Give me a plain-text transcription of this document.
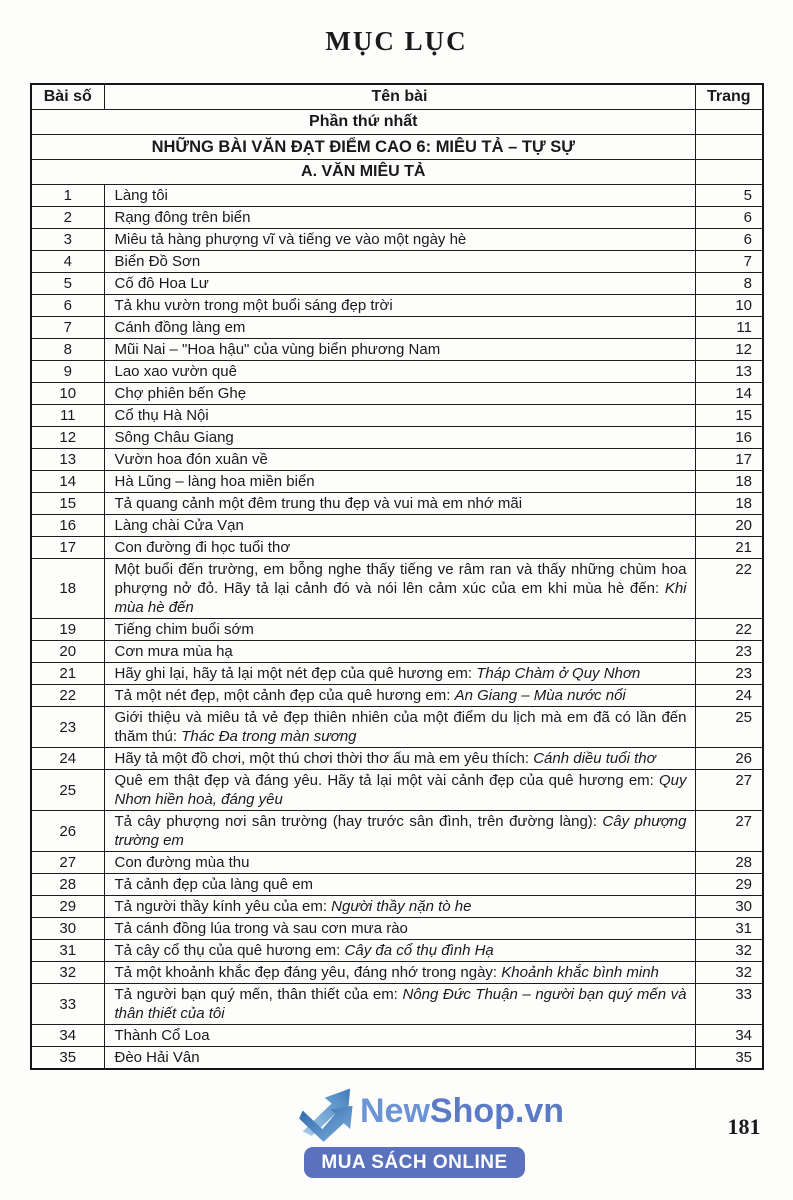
MỤC LỤC
Bài số	Tên bài	Trang
Phần thứ nhất		
NHỮNG BÀI VĂN ĐẠT ĐIỂM CAO 6: MIÊU TẢ – TỰ SỰ		
A. VĂN MIÊU TẢ		
1	Làng tôi	5
2	Rạng đông trên biển	6
3	Miêu tả hàng phượng vĩ và tiếng ve vào một ngày hè	6
4	Biển Đồ Sơn	7
5	Cố đô Hoa Lư	8
6	Tả khu vườn trong một buổi sáng đẹp trời	10
7	Cánh đồng làng em	11
8	Mũi Nai – "Hoa hậu" của vùng biển phương Nam	12
9	Lao xao vườn quê	13
10	Chợ phiên bến Ghẹ	14
11	Cổ thụ Hà Nội	15
12	Sông Châu Giang	16
13	Vườn hoa đón xuân về	17
14	Hà Lũng – làng hoa miền biển	18
15	Tả quang cảnh một đêm trung thu đẹp và vui mà em nhớ mãi	18
16	Làng chài Cửa Vạn	20
17	Con đường đi học tuổi thơ	21
18	Một buổi đến trường, em bỗng nghe thấy tiếng ve râm ran và thấy những chùm hoa phượng nở đỏ. Hãy tả lại cảnh đó và nói lên cảm xúc của em khi mùa hè đến: Khi mùa hè đến	22
19	Tiếng chim buổi sớm	22
20	Cơn mưa mùa hạ	23
21	Hãy ghi lại, hãy tả lại một nét đẹp của quê hương em: Tháp Chàm ở Quy Nhơn	23
22	Tả một nét đẹp, một cảnh đẹp của quê hương em: An Giang – Mùa nước nổi	24
23	Giới thiệu và miêu tả vẻ đẹp thiên nhiên của một điểm du lịch mà em đã có lần đến thăm thú: Thác Đa trong màn sương	25
24	Hãy tả một đồ chơi, một thú chơi thời thơ ấu mà em yêu thích: Cánh diều tuổi thơ	26
25	Quê em thật đẹp và đáng yêu. Hãy tả lại một vài cảnh đẹp của quê hương em: Quy Nhơn hiền hoà, đáng yêu	27
26	Tả cây phượng nơi sân trường (hay trước sân đình, trên đường làng): Cây phượng trường em	27
27	Con đường mùa thu	28
28	Tả cảnh đẹp của làng quê em	29
29	Tả người thầy kính yêu của em: Người thầy nặn tò he	30
30	Tả cánh đồng lúa trong và sau cơn mưa rào	31
31	Tả cây cổ thụ của quê hương em: Cây đa cổ thụ đình Hạ	32
32	Tả một khoảnh khắc đẹp đáng yêu, đáng nhớ trong ngày: Khoảnh khắc bình minh	32
33	Tả người bạn quý mến, thân thiết của em: Nông Đức Thuận – người bạn quý mến và thân thiết của tôi	33
34	Thành Cổ Loa	34
35	Đèo Hải Vân	35
NewShop.vn
MUA SÁCH ONLINE
181
